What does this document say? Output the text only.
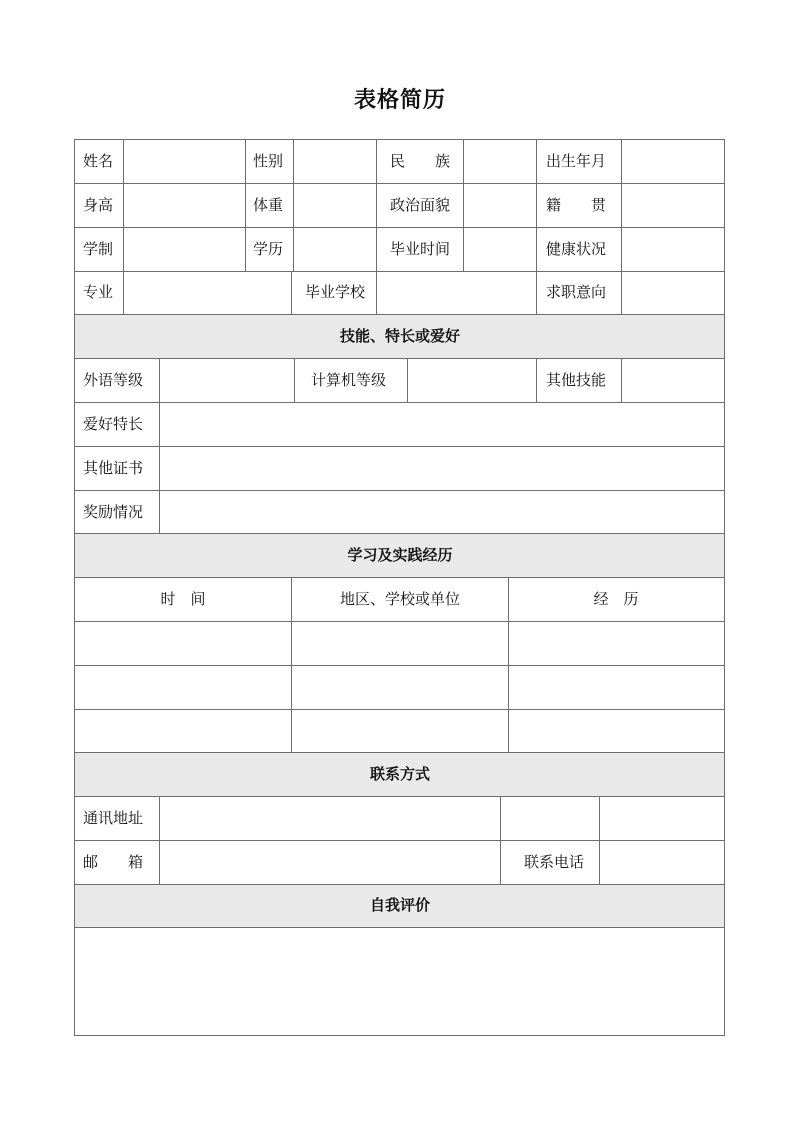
表格简历
姓名	性别	民　　族	出生年月
身高	体重	政治面貌	籍　　贯
学制	学历	毕业时间	健康状况
专业	毕业学校	求职意向
技能、特长或爱好
外语等级	计算机等级	其他技能
爱好特长
其他证书
奖励情况
学习及实践经历
时　间	地区、学校或单位	经　历
联系方式
通讯地址
邮　　箱	联系电话
自我评价
